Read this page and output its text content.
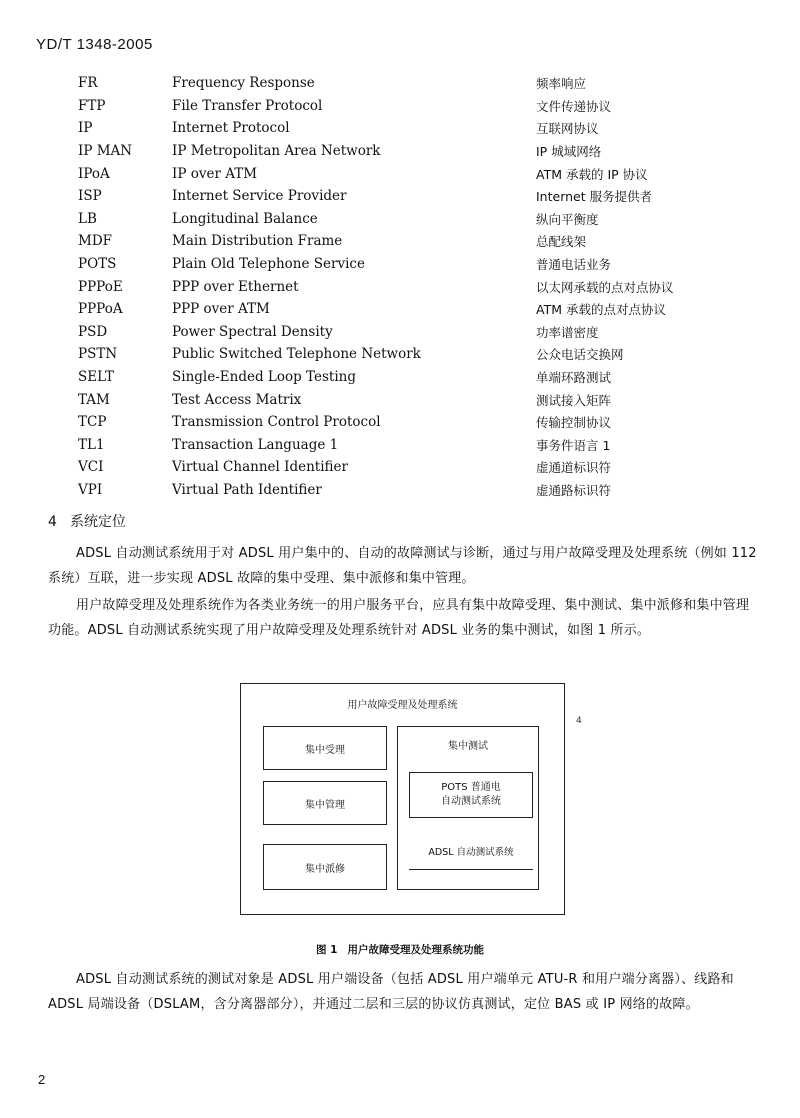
YD/T 1348-2005
FR	Frequency Response	频率响应
FTP	File Transfer Protocol	文件传递协议
IP	Internet Protocol	互联网协议
IP MAN	IP Metropolitan Area Network	IP 城域网络
IPoA	IP over ATM	ATM 承载的 IP 协议
ISP	Internet Service Provider	Internet 服务提供者
LB	Longitudinal Balance	纵向平衡度
MDF	Main Distribution Frame	总配线架
POTS	Plain Old Telephone Service	普通电话业务
PPPoE	PPP over Ethernet	以太网承载的点对点协议
PPPoA	PPP over ATM	ATM 承载的点对点协议
PSD	Power Spectral Density	功率谱密度
PSTN	Public Switched Telephone Network	公众电话交换网
SELT	Single-Ended Loop Testing	单端环路测试
TAM	Test Access Matrix	测试接入矩阵
TCP	Transmission Control Protocol	传输控制协议
TL1	Transaction Language 1	事务件语言 1
VCI	Virtual Channel Identifier	虚通道标识符
VPI	Virtual Path Identifier	虚通路标识符
4 系统定位
ADSL 自动测试系统用于对 ADSL 用户集中的、自动的故障测试与诊断，通过与用户故障受理及处理系统（例如 112 系统）互联，进一步实现 ADSL 故障的集中受理、集中派修和集中管理。
用户故障受理及处理系统作为各类业务统一的用户服务平台，应具有集中故障受理、集中测试、集中派修和集中管理功能。ADSL 自动测试系统实现了用户故障受理及处理系统针对 ADSL 业务的集中测试，如图 1 所示。
用户故障受理及处理系统
集中受理
集中管理
集中派修
集中测试
POTS 普通电
自动测试系统
ADSL 自动测试系统
4
图 1 用户故障受理及处理系统功能
ADSL 自动测试系统的测试对象是 ADSL 用户端设备（包括 ADSL 用户端单元 ATU-R 和用户端分离器）、线路和 ADSL 局端设备（DSLAM，含分离器部分），并通过二层和三层的协议仿真测试，定位 BAS 或 IP 网络的故障。
2
